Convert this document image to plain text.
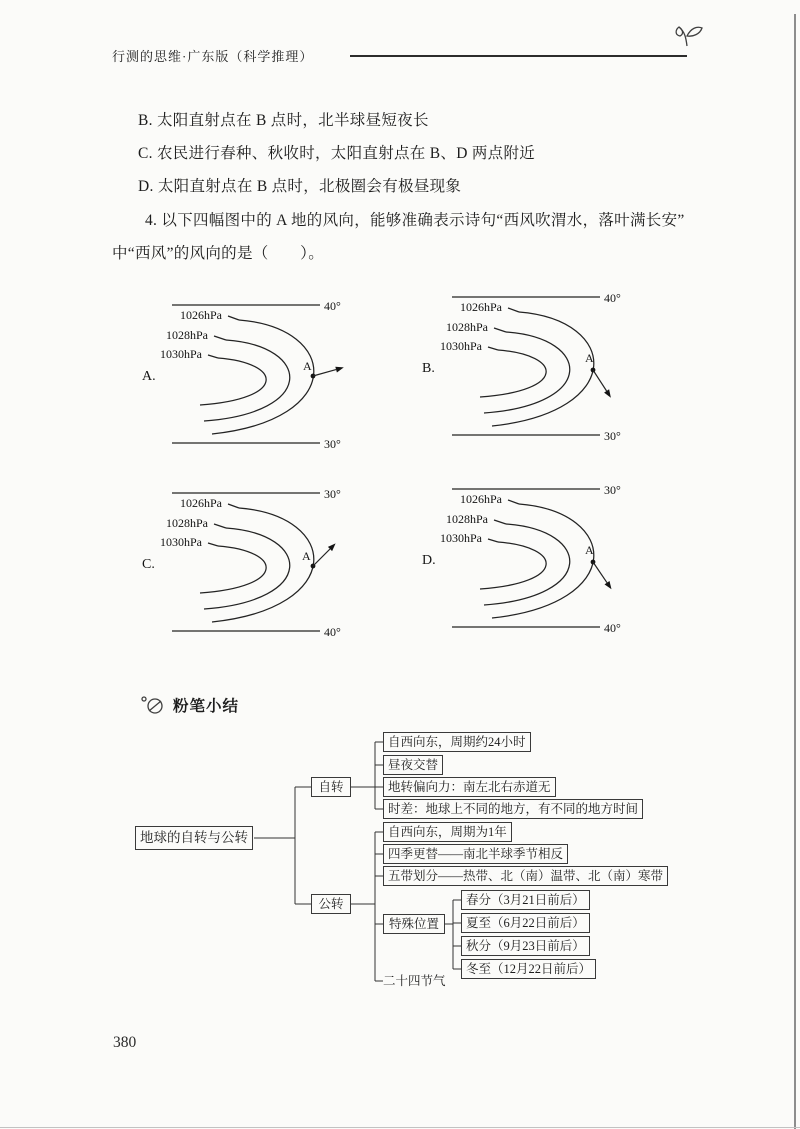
行测的思维·广东版（科学推理）
B. 太阳直射点在 B 点时，北半球昼短夜长
C. 农民进行春种、秋收时，太阳直射点在 B、D 两点附近
D. 太阳直射点在 B 点时，北极圈会有极昼现象
4. 以下四幅图中的 A 地的风向，能够准确表示诗句“西风吹渭水，落叶满长安”
中“西风”的风向的是（　　）。
40°
30°
1026hPa
1028hPa
1030hPa
A.
A
40°
30°
1026hPa
1028hPa
1030hPa
B.
A
30°
40°
1026hPa
1028hPa
1030hPa
C.
A
30°
40°
1026hPa
1028hPa
1030hPa
D.
A
粉笔小结
地球的自转与公转
自转
公转
自西向东，周期约24小时
昼夜交替
地转偏向力：南左北右赤道无
时差：地球上不同的地方，有不同的地方时间
自西向东，周期为1年
四季更替——南北半球季节相反
五带划分——热带、北（南）温带、北（南）寒带
特殊位置
二十四节气
春分（3月21日前后）
夏至（6月22日前后）
秋分（9月23日前后）
冬至（12月22日前后）
380
